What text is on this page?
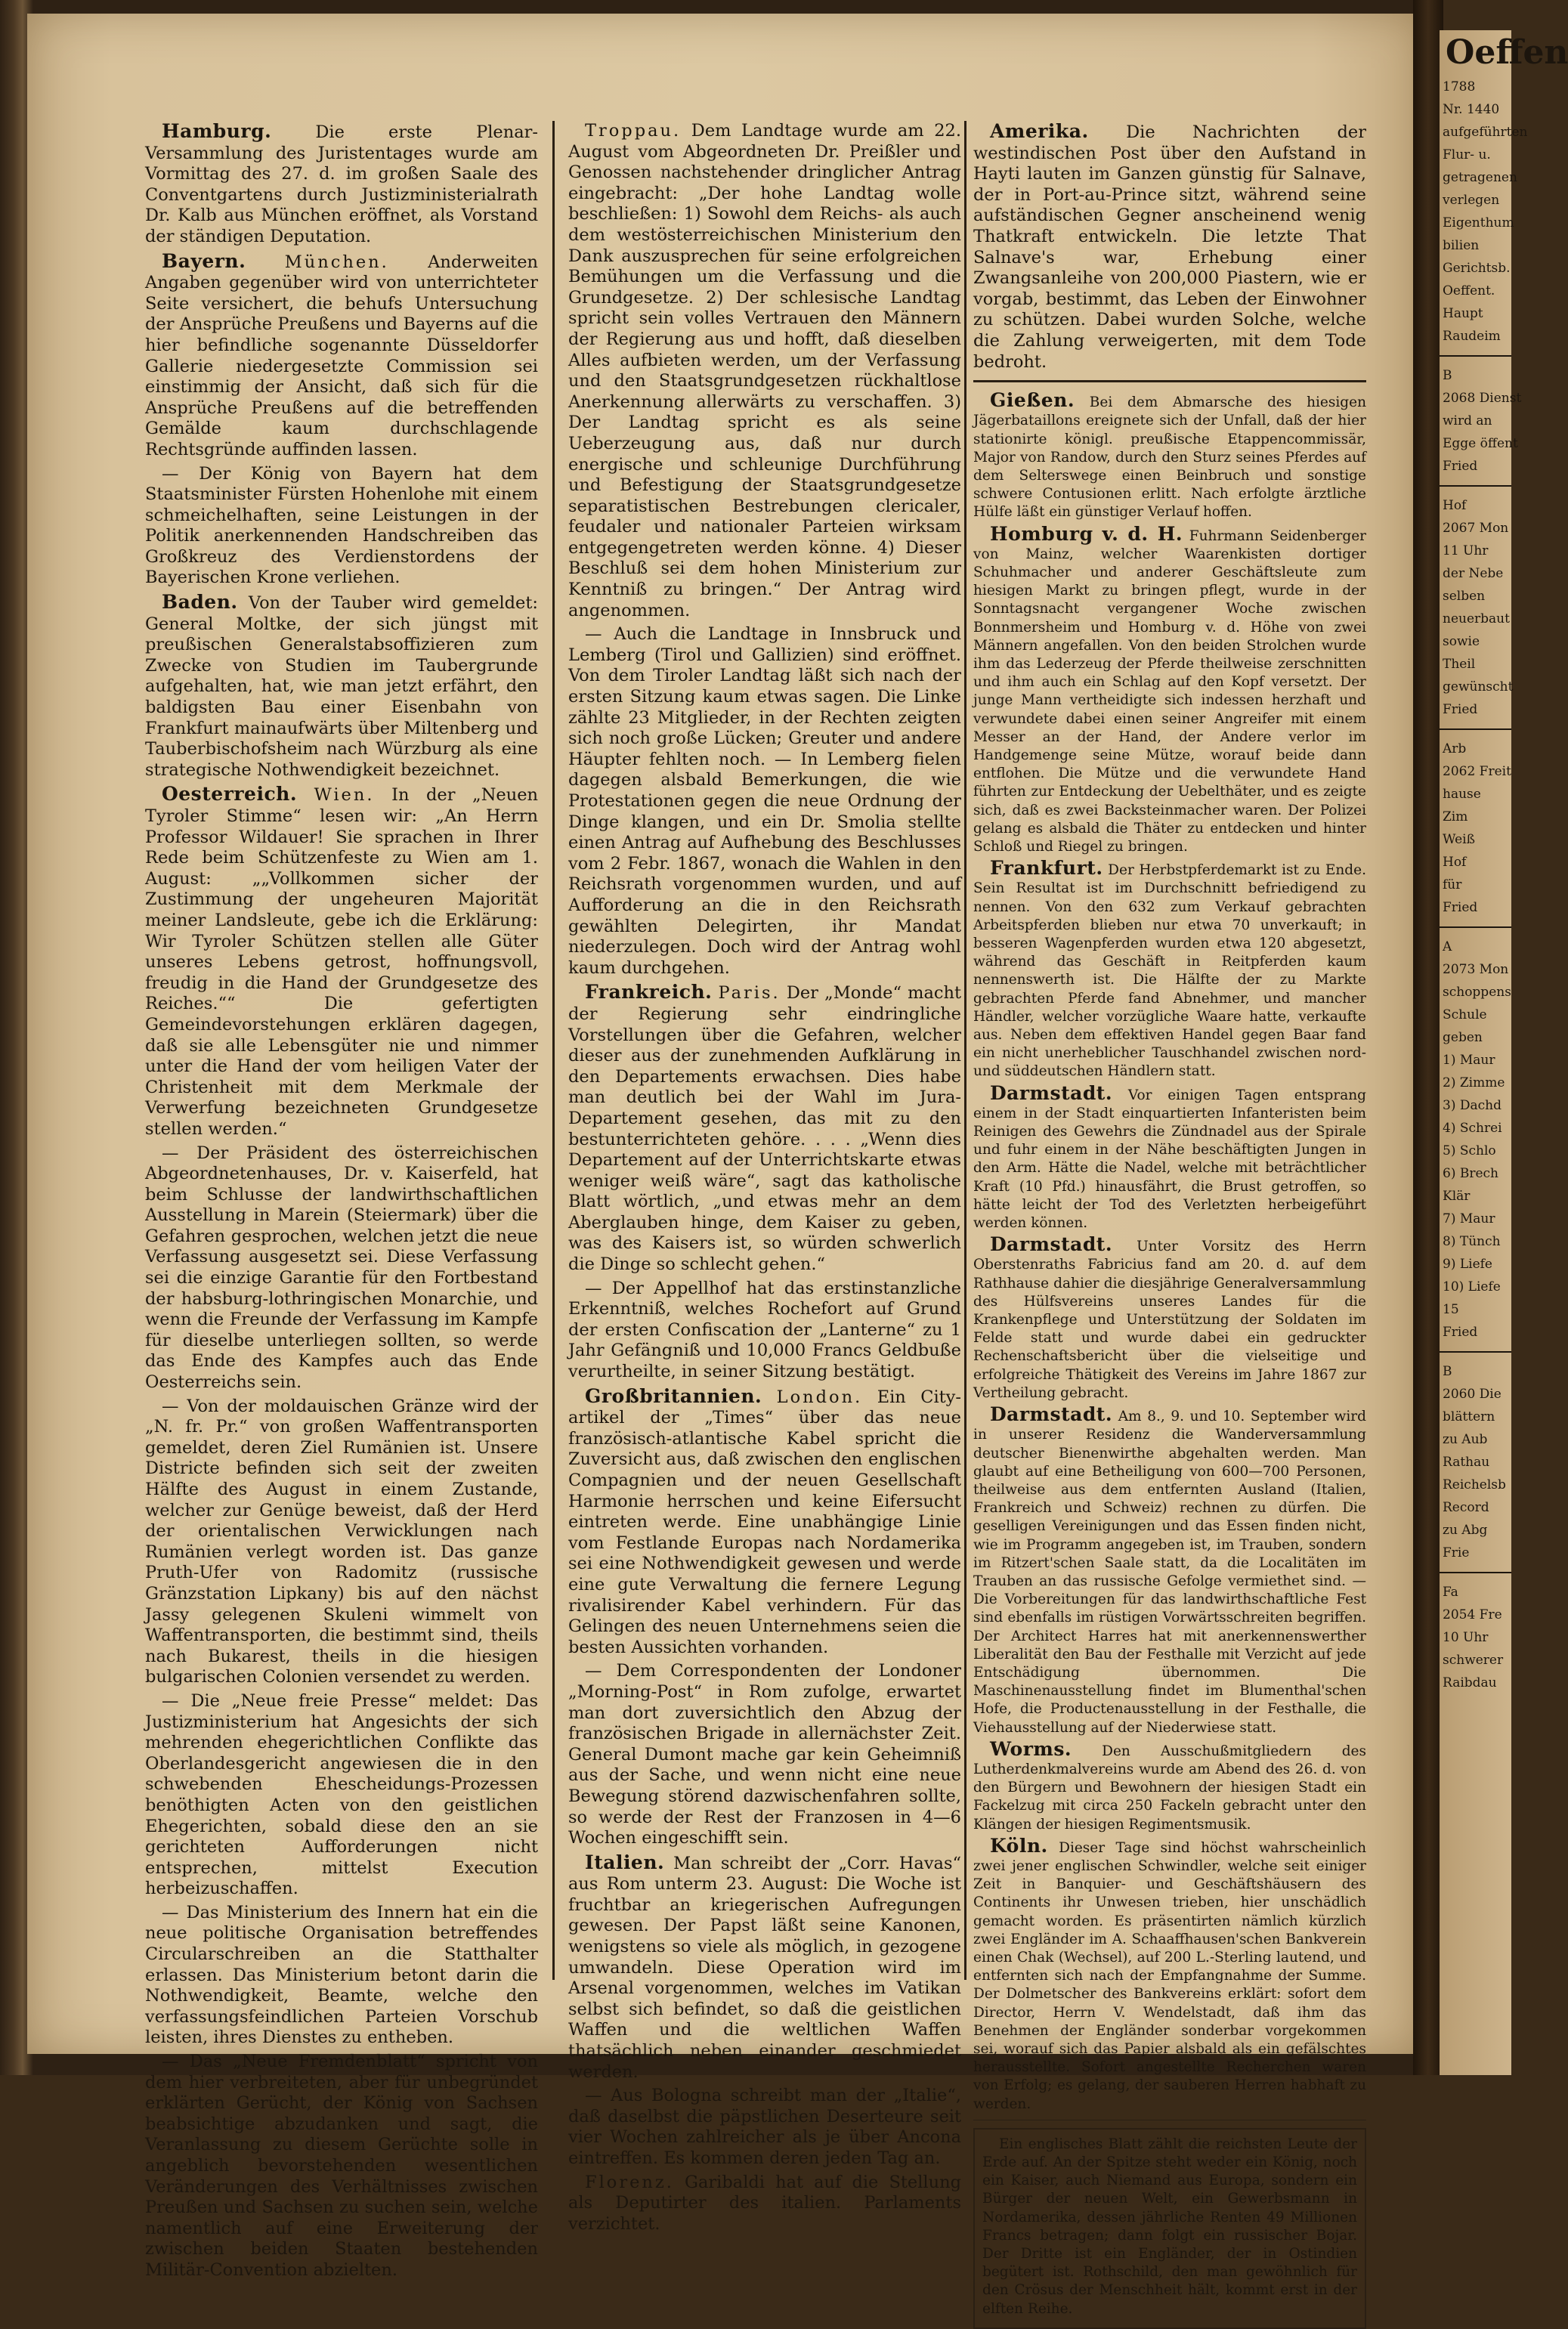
Hamburg.	Die erste Plenar-Versammlung des Juristentages wurde am Vormittag des 27. d. im großen Saale des Conventgartens durch Justizministerialrath Dr. Kalb aus München eröffnet, als Vorstand der ständigen Deputation.

Bayern. München. Anderweiten Angaben gegenüber wird von unterrichteter Seite versichert, die behufs Untersuchung der Ansprüche Preußens und Bayerns auf die hier befindliche sogenannte Düsseldorfer Gallerie niedergesetzte Commission sei einstimmig der Ansicht, daß sich für die Ansprüche Preußens auf die betreffenden Gemälde kaum durchschlagende Rechtsgründe auffinden lassen.

— Der König von Bayern hat dem Staatsminister Fürsten Hohenlohe mit einem schmeichelhaften, seine Leistungen in der Politik anerkennenden Handschreiben das Großkreuz des Verdienstordens der Bayerischen Krone verliehen.

Baden. Von der Tauber wird gemeldet: General Moltke, der sich jüngst mit preußischen Generalstabsoffizieren zum Zwecke von Studien im Taubergrunde aufgehalten, hat, wie man jetzt erfährt, den baldigsten Bau einer Eisenbahn von Frankfurt mainaufwärts über Miltenberg und Tauberbischofsheim nach Würzburg als eine strategische Nothwendigkeit bezeichnet.

Oesterreich. Wien. In der „Neuen Tyroler Stimme“ lesen wir: „An Herrn Professor Wildauer! Sie sprachen in Ihrer Rede beim Schützenfeste zu Wien am 1. August: „„Vollkommen sicher der Zustimmung der ungeheuren Majorität meiner Landsleute, gebe ich die Erklärung: Wir Tyroler Schützen stellen alle Güter unseres Lebens getrost, hoffnungsvoll, freudig in die Hand der Grundgesetze des Reiches.““ Die gefertigten Gemeindevorstehungen erklären dagegen, daß sie alle Lebensgüter nie und nimmer unter die Hand der vom heiligen Vater der Christenheit mit dem Merkmale der Verwerfung bezeichneten Grundgesetze stellen werden.“

— Der Präsident des österreichischen Abgeordnetenhauses, Dr. v. Kaiserfeld, hat beim Schlusse der landwirthschaftlichen Ausstellung in Marein (Steiermark) über die Gefahren gesprochen, welchen jetzt die neue Verfassung ausgesetzt sei. Diese Verfassung sei die einzige Garantie für den Fortbestand der habsburg-lothringischen Monarchie, und wenn die Freunde der Verfassung im Kampfe für dieselbe unterliegen sollten, so werde das Ende des Kampfes auch das Ende Oesterreichs sein.

— Von der moldauischen Gränze wird der „N. fr. Pr.“ von großen Waffentransporten gemeldet, deren Ziel Rumänien ist. Unsere Districte befinden sich seit der zweiten Hälfte des August in einem Zustande, welcher zur Genüge beweist, daß der Herd der orientalischen Verwicklungen nach Rumänien verlegt worden ist. Das ganze Pruth-Ufer von Radomitz (russische Gränzstation Lipkany) bis auf den nächst Jassy gelegenen Skuleni wimmelt von Waffentransporten, die bestimmt sind, theils nach Bukarest, theils in die hiesigen bulgarischen Colonien versendet zu werden.

— Die „Neue freie Presse“ meldet: Das Justizministerium hat Angesichts der sich mehrenden ehegerichtlichen Conflikte das Oberlandesgericht angewiesen die in den schwebenden Ehescheidungs-Prozessen benöthigten Acten von den geistlichen Ehegerichten, sobald diese den an sie gerichteten Aufforderungen nicht entsprechen, mittelst Execution herbeizuschaffen.

— Das Ministerium des Innern hat ein die neue politische Organisation betreffendes Circularschreiben an die Statthalter erlassen. Das Ministerium betont darin die Nothwendigkeit, Beamte, welche den verfassungsfeindlichen Parteien Vorschub leisten, ihres Dienstes zu entheben.

— Das „Neue Fremdenblatt“ spricht von dem hier verbreiteten, aber für unbegründet erklärten Gerücht, der König von Sachsen beabsichtige abzudanken und sagt, die Veranlassung zu diesem Gerüchte solle in angeblich bevorstehenden wesentlichen Veränderungen des Verhältnisses zwischen Preußen und Sachsen zu suchen sein, welche namentlich auf eine Erweiterung der zwischen beiden Staaten bestehenden Militär-Convention abzielten.

Troppau. Dem Landtage wurde am 22. August vom Abgeordneten Dr. Preißler und Genossen nachstehender dringlicher Antrag eingebracht: „Der hohe Landtag wolle beschließen: 1) Sowohl dem Reichs- als auch dem westösterreichischen Ministerium den Dank auszusprechen für seine erfolgreichen Bemühungen um die Verfassung und die Grundgesetze. 2) Der schlesische Landtag spricht sein volles Vertrauen den Männern der Regierung aus und hofft, daß dieselben Alles aufbieten werden, um der Verfassung und den Staatsgrundgesetzen rückhaltlose Anerkennung allerwärts zu verschaffen. 3) Der Landtag spricht es als seine Ueberzeugung aus, daß nur durch energische und schleunige Durchführung und Befestigung der Staatsgrundgesetze separatistischen Bestrebungen clericaler, feudaler und nationaler Parteien wirksam entgegengetreten werden könne. 4) Dieser Beschluß sei dem hohen Ministerium zur Kenntniß zu bringen.“ Der Antrag wird angenommen.

— Auch die Landtage in Innsbruck und Lemberg (Tirol und Gallizien) sind eröffnet. Von dem Tiroler Landtag läßt sich nach der ersten Sitzung kaum etwas sagen. Die Linke zählte 23 Mitglieder, in der Rechten zeigten sich noch große Lücken; Greuter und andere Häupter fehlten noch. — In Lemberg fielen dagegen alsbald Bemerkungen, die wie Protestationen gegen die neue Ordnung der Dinge klangen, und ein Dr. Smolia stellte einen Antrag auf Aufhebung des Beschlusses vom 2 Febr. 1867, wonach die Wahlen in den Reichsrath vorgenommen wurden, und auf Aufforderung an die in den Reichsrath gewählten Delegirten, ihr Mandat niederzulegen. Doch wird der Antrag wohl kaum durchgehen.

Frankreich. Paris. Der „Monde“ macht der Regierung sehr eindringliche Vorstellungen über die Gefahren, welcher dieser aus der zunehmenden Aufklärung in den Departements erwachsen. Dies habe man deutlich bei der Wahl im Jura-Departement gesehen, das mit zu den bestunterrichteten gehöre. . . . „Wenn dies Departement auf der Unterrichtskarte etwas weniger weiß wäre“, sagt das katholische Blatt wörtlich, „und etwas mehr an dem Aberglauben hinge, dem Kaiser zu geben, was des Kaisers ist, so würden schwerlich die Dinge so schlecht gehen.“

— Der Appellhof hat das erstinstanzliche Erkenntniß, welches Rochefort auf Grund der ersten Confiscation der „Lanterne“ zu 1 Jahr Gefängniß und 10,000 Francs Geldbuße verurtheilte, in seiner Sitzung bestätigt.

Großbritannien. London. Ein City-artikel der „Times“ über das neue französisch-atlantische Kabel spricht die Zuversicht aus, daß zwischen den englischen Compagnien und der neuen Gesellschaft Harmonie herrschen und keine Eifersucht eintreten werde. Eine unabhängige Linie vom Festlande Europas nach Nordamerika sei eine Nothwendigkeit gewesen und werde eine gute Verwaltung die fernere Legung rivalisirender Kabel verhindern. Für das Gelingen des neuen Unternehmens seien die besten Aussichten vorhanden.

— Dem Correspondenten der Londoner „Morning-Post“ in Rom zufolge, erwartet man dort zuversichtlich den Abzug der französischen Brigade in allernächster Zeit. General Dumont mache gar kein Geheimniß aus der Sache, und wenn nicht eine neue Bewegung störend dazwischenfahren sollte, so werde der Rest der Franzosen in 4—6 Wochen eingeschifft sein.

Italien. Man schreibt der „Corr. Havas“ aus Rom unterm 23. August: Die Woche ist fruchtbar an kriegerischen Aufregungen gewesen. Der Papst läßt seine Kanonen, wenigstens so viele als möglich, in gezogene umwandeln. Diese Operation wird im Arsenal vorgenommen, welches im Vatikan selbst sich befindet, so daß die geistlichen Waffen und die weltlichen Waffen thatsächlich neben einander geschmiedet werden.

— Aus Bologna schreibt man der „Italie“, daß daselbst die päpstlichen Deserteure seit vier Wochen zahlreicher als je über Ancona eintreffen. Es kommen deren jeden Tag an.

Florenz. Garibaldi hat auf die Stellung als Deputirter des italien. Parlaments verzichtet.

Amerika. Die Nachrichten der westindischen Post über den Aufstand in Hayti lauten im Ganzen günstig für Salnave, der in Port-au-Prince sitzt, während seine aufständischen Gegner anscheinend wenig Thatkraft entwickeln. Die letzte That Salnave's war, Erhebung einer Zwangsanleihe von 200,000 Piastern, wie er vorgab, bestimmt, das Leben der Einwohner zu schützen. Dabei wurden Solche, welche die Zahlung verweigerten, mit dem Tode bedroht.

Gießen. Bei dem Abmarsche des hiesigen Jägerbataillons ereignete sich der Unfall, daß der hier stationirte königl. preußische Etappencommissär, Major von Randow, durch den Sturz seines Pferdes auf dem Selterswege einen Beinbruch und sonstige schwere Contusionen erlitt. Nach erfolgte ärztliche Hülfe läßt ein günstiger Verlauf hoffen.

Homburg v. d. H. Fuhrmann Seidenberger von Mainz, welcher Waarenkisten dortiger Schuhmacher und anderer Geschäftsleute zum hiesigen Markt zu bringen pflegt, wurde in der Sonntagsnacht vergangener Woche zwischen Bonnmersheim und Homburg v. d. Höhe von zwei Männern angefallen. Von den beiden Strolchen wurde ihm das Lederzeug der Pferde theilweise zerschnitten und ihm auch ein Schlag auf den Kopf versetzt. Der junge Mann vertheidigte sich indessen herzhaft und verwundete dabei einen seiner Angreifer mit einem Messer an der Hand, der Andere verlor im Handgemenge seine Mütze, worauf beide dann entflohen. Die Mütze und die verwundete Hand führten zur Entdeckung der Uebelthäter, und es zeigte sich, daß es zwei Backsteinmacher waren. Der Polizei gelang es alsbald die Thäter zu entdecken und hinter Schloß und Riegel zu bringen.

Frankfurt. Der Herbstpferdemarkt ist zu Ende. Sein Resultat ist im Durchschnitt befriedigend zu nennen. Von den 632 zum Verkauf gebrachten Arbeitspferden blieben nur etwa 70 unverkauft; in besseren Wagenpferden wurden etwa 120 abgesetzt, während das Geschäft in Reitpferden kaum nennenswerth ist. Die Hälfte der zu Markte gebrachten Pferde fand Abnehmer, und mancher Händler, welcher vorzügliche Waare hatte, verkaufte aus. Neben dem effektiven Handel gegen Baar fand ein nicht unerheblicher Tauschhandel zwischen nord- und süddeutschen Händlern statt.

Darmstadt. Vor einigen Tagen entsprang einem in der Stadt einquartierten Infanteristen beim Reinigen des Gewehrs die Zündnadel aus der Spirale und fuhr einem in der Nähe beschäftigten Jungen in den Arm. Hätte die Nadel, welche mit beträchtlicher Kraft (10 Pfd.) hinausfährt, die Brust getroffen, so hätte leicht der Tod des Verletzten herbeigeführt werden können.

Darmstadt. Unter Vorsitz des Herrn Oberstenraths Fabricius fand am 20. d. auf dem Rathhause dahier die diesjährige Generalversammlung des Hülfsvereins unseres Landes für die Krankenpflege und Unterstützung der Soldaten im Felde statt und wurde dabei ein gedruckter Rechenschaftsbericht über die vielseitige und erfolgreiche Thätigkeit des Vereins im Jahre 1867 zur Vertheilung gebracht.

Darmstadt. Am 8., 9. und 10. September wird in unserer Residenz die Wanderversammlung deutscher Bienenwirthe abgehalten werden. Man glaubt auf eine Betheiligung von 600—700 Personen, theilweise aus dem entfernten Ausland (Italien, Frankreich und Schweiz) rechnen zu dürfen. Die geselligen Vereinigungen und das Essen finden nicht, wie im Programm angegeben ist, im Trauben, sondern im Ritzert'schen Saale statt, da die Localitäten im Trauben an das russische Gefolge vermiethet sind. — Die Vorbereitungen für das landwirthschaftliche Fest sind ebenfalls im rüstigen Vorwärtsschreiten begriffen. Der Architect Harres hat mit anerkennenswerther Liberalität den Bau der Festhalle mit Verzicht auf jede Entschädigung übernommen. Die Maschinenausstellung findet im Blumenthal'schen Hofe, die Productenausstellung in der Festhalle, die Viehausstellung auf der Niederwiese statt.

Worms. Den Ausschußmitgliedern des Lutherdenkmalvereins wurde am Abend des 26. d. von den Bürgern und Bewohnern der hiesigen Stadt ein Fackelzug mit circa 250 Fackeln gebracht unter den Klängen der hiesigen Regimentsmusik.

Köln. Dieser Tage sind höchst wahrscheinlich zwei jener englischen Schwindler, welche seit einiger Zeit in Banquier- und Geschäftshäusern des Continents ihr Unwesen trieben, hier unschädlich gemacht worden. Es präsentirten nämlich kürzlich zwei Engländer im A. Schaaffhausen'schen Bankverein einen Chak (Wechsel), auf 200 L.-Sterling lautend, und entfernten sich nach der Empfangnahme der Summe. Der Dolmetscher des Bankvereins erklärt: sofort dem Director, Herrn V. Wendelstadt, daß ihm das Benehmen der Engländer sonderbar vorgekommen sei, worauf sich das Papier alsbald als ein gefälschtes herausstellte. Sofort angestellte Recherchen waren von Erfolg; es gelang, der sauberen Herren habhaft zu werden.

Ein englisches Blatt zählt die reichsten Leute der Erde auf. An der Spitze steht weder ein König, noch ein Kaiser, auch Niemand aus Europa, sondern ein Bürger der neuen Welt, ein Gewerbsmann in Nordamerika, dessen jährliche Renten 49 Millionen Francs betragen; dann folgt ein russischer Bojar. Der Dritte ist ein Engländer, der in Ostindien begütert ist. Rothschild, den man gewöhnlich für den Crösus der Menschheit hält, kommt erst in der elften Reihe.

Oeffen
1788
Nr. 1440
aufgeführten
Flur- u.
getragenen
verlegen
Eigenthum
bilien
Gerichtsb.
Oeffent.
Haupt
Raudeim
B
2068 Dienst
wird an
Egge öffent
Fried
Hof
2067 Mon
11 Uhr
der Nebe
selben
neuerbaut
sowie
Theil
gewünscht
Fried
Arb
2062 Freit
hause
Zim
Weiß
Hof
für
Fried
A
2073 Mon
schoppens
Schule
geben
1) Maur
2) Zimme
3) Dachd
4) Schrei
5) Schlo
6) Brech
Klär
7) Maur
8) Tünch
9) Liefe
10) Liefe
15
Fried
B
2060 Die
blättern
zu Aub
Rathau
Reichelsb
Record
zu Abg
Frie
Fa
2054 Fre
10 Uhr
schwerer
Raibdau
